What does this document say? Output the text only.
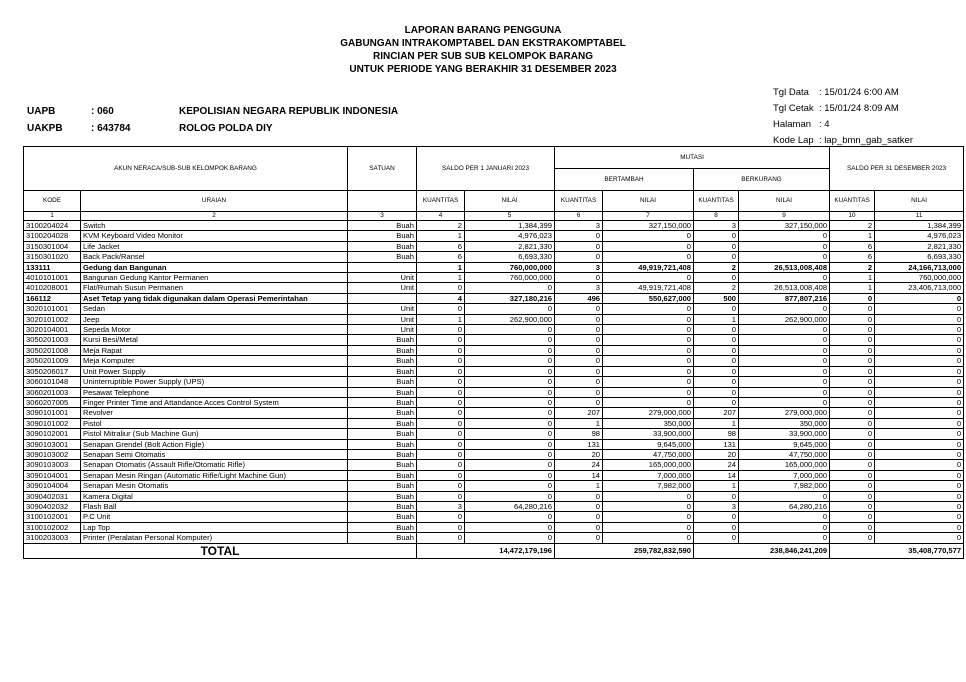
LAPORAN BARANG PENGGUNA
GABUNGAN INTRAKOMPTABEL DAN EKSTRAKOMPTABEL
RINCIAN PER SUB SUB KELOMPOK BARANG
UNTUK PERIODE YANG BERAKHIR 31 DESEMBER 2023
UAPB	: 060	KEPOLISIAN NEGARA REPUBLIK INDONESIA
UAKPB	: 643784	ROLOG POLDA DIY
Tgl Data	: 15/01/24 6:00 AM
Tgl Cetak : 15/01/24 8:09 AM
Halaman : 4
Kode Lap : lap_bmn_gab_satker
AKUN NERACA/SUB-SUB KELOMPOK BARANG		SATUAN	SALDO PER 1 JANUARI 2023		MUTASI				SALDO PER 31 DESEMBER 2023	
					BERTAMBAH		BERKURANG			
KODE	URAIAN		KUANTITAS	NILAI	KUANTITAS	NILAI	KUANTITAS	NILAI	KUANTITAS	NILAI
1	2	3	4	5	6	7	8	9	10	11
3100204024	Switch	Buah	2	1,384,399	3	327,150,000	3	327,150,000	2	1,384,399
3100204028	KVM Keyboard Video Monitor	Buah	1	4,976,023	0	0	0	0	1	4,976,023
3150301004	Life Jacket	Buah	6	2,821,330	0	0	0	0	6	2,821,330
3150301020	Back Pack/Ransel	Buah	6	6,693,330	0	0	0	0	6	6,693,330
133111	Gedung dan Bangunan		1	760,000,000	3	49,919,721,408	2	26,513,008,408	2	24,166,713,000
4010101001	Bangunan Gedung Kantor Permanen	Unit	1	760,000,000	0	0	0	0	1	760,000,000
4010208001	Flat/Rumah Susun Permanen	Unit	0	0	3	49,919,721,408	2	26,513,008,408	1	23,406,713,000
166112	Aset Tetap yang tidak digunakan dalam Operasi Pemerintahan		4	327,180,216	496	550,627,000	500	877,807,216	0	0
3020101001	Sedan	Unit	0	0	0	0	0	0	0	0
3020101002	Jeep	Unit	1	262,900,000	0	0	1	262,900,000	0	0
3020104001	Sepeda Motor	Unit	0	0	0	0	0	0	0	0
3050201003	Kursi Besi/Metal	Buah	0	0	0	0	0	0	0	0
3050201008	Meja Rapat	Buah	0	0	0	0	0	0	0	0
3050201009	Meja Komputer	Buah	0	0	0	0	0	0	0	0
3050206017	Unit Power Supply	Buah	0	0	0	0	0	0	0	0
3060101048	Uninterruptible Power Supply (UPS)	Buah	0	0	0	0	0	0	0	0
3060201003	Pesawat Telephone	Buah	0	0	0	0	0	0	0	0
3060207005	Finger Printer Time and Attandance Acces Control System	Buah	0	0	0	0	0	0	0	0
3090101001	Revolver	Buah	0	0	207	279,000,000	207	279,000,000	0	0
3090101002	Pistol	Buah	0	0	1	350,000	1	350,000	0	0
3090102001	Pistol Mitraliur (Sub Machine Gun)	Buah	0	0	98	33,900,000	98	33,900,000	0	0
3090103001	Senapan Grendel (Bolt Action Figle)	Buah	0	0	131	9,645,000	131	9,645,000	0	0
3090103002	Senapan Semi Otomatis	Buah	0	0	20	47,750,000	20	47,750,000	0	0
3090103003	Senapan Otomatis (Assault Rifle/Otomatic Rifle)	Buah	0	0	24	165,000,000	24	165,000,000	0	0
3090104001	Senapan Mesin Ringan (Automatic Rifle/Light Machine Gun)	Buah	0	0	14	7,000,000	14	7,000,000	0	0
3090104004	Senapan Mesin Otomatis	Buah	0	0	1	7,982,000	1	7,982,000	0	0
3090402031	Kamera Digital	Buah	0	0	0	0	0	0	0	0
3090402032	Flash Ball	Buah	3	64,280,216	0	0	3	64,280,216	0	0
3100102001	P.C Unit	Buah	0	0	0	0	0	0	0	0
3100102002	Lap Top	Buah	0	0	0	0	0	0	0	0
3100203003	Printer (Peralatan Personal Komputer)	Buah	0	0	0	0	0	0	0	0
TOTAL				14,472,179,196		259,782,832,590		238,846,241,209		35,408,770,577
